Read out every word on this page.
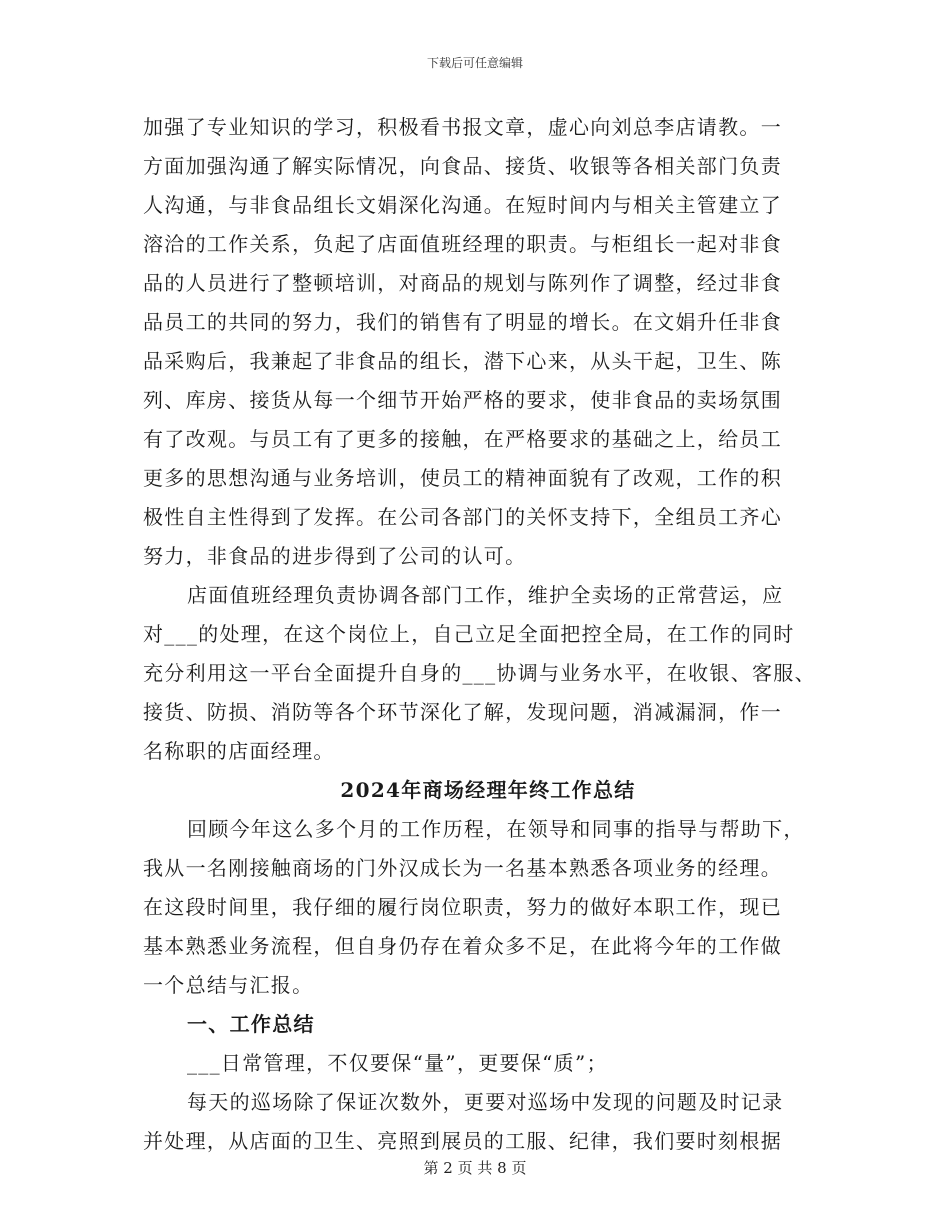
下载后可任意编辑
加强了专业知识的学习，积极看书报文章，虚心向刘总李店请教。一
方面加强沟通了解实际情况，向食品、接货、收银等各相关部门负责
人沟通，与非食品组长文娟深化沟通。在短时间内与相关主管建立了
溶洽的工作关系，负起了店面值班经理的职责。与柜组长一起对非食
品的人员进行了整顿培训，对商品的规划与陈列作了调整，经过非食
品员工的共同的努力，我们的销售有了明显的增长。在文娟升任非食
品采购后，我兼起了非食品的组长，潜下心来，从头干起，卫生、陈
列、库房、接货从每一个细节开始严格的要求，使非食品的卖场氛围
有了改观。与员工有了更多的接触，在严格要求的基础之上，给员工
更多的思想沟通与业务培训，使员工的精神面貌有了改观，工作的积
极性自主性得到了发挥。在公司各部门的关怀支持下，全组员工齐心
努力，非食品的进步得到了公司的认可。
店面值班经理负责协调各部门工作，维护全卖场的正常营运，应
对___的处理，在这个岗位上，自己立足全面把控全局，在工作的同时
充分利用这一平台全面提升自身的___协调与业务水平，在收银、客服、
接货、防损、消防等各个环节深化了解，发现问题，消减漏洞，作一
名称职的店面经理。
2024年商场经理年终工作总结
回顾今年这么多个月的工作历程，在领导和同事的指导与帮助下，
我从一名刚接触商场的门外汉成长为一名基本熟悉各项业务的经理。
在这段时间里，我仔细的履行岗位职责，努力的做好本职工作，现已
基本熟悉业务流程，但自身仍存在着众多不足，在此将今年的工作做
一个总结与汇报。
一、工作总结
___日常管理，不仅要保“量”，更要保“质”；
每天的巡场除了保证次数外，更要对巡场中发现的问题及时记录
并处理，从店面的卫生、亮照到展员的工服、纪律，我们要时刻根据
第 2 页 共 8 页
